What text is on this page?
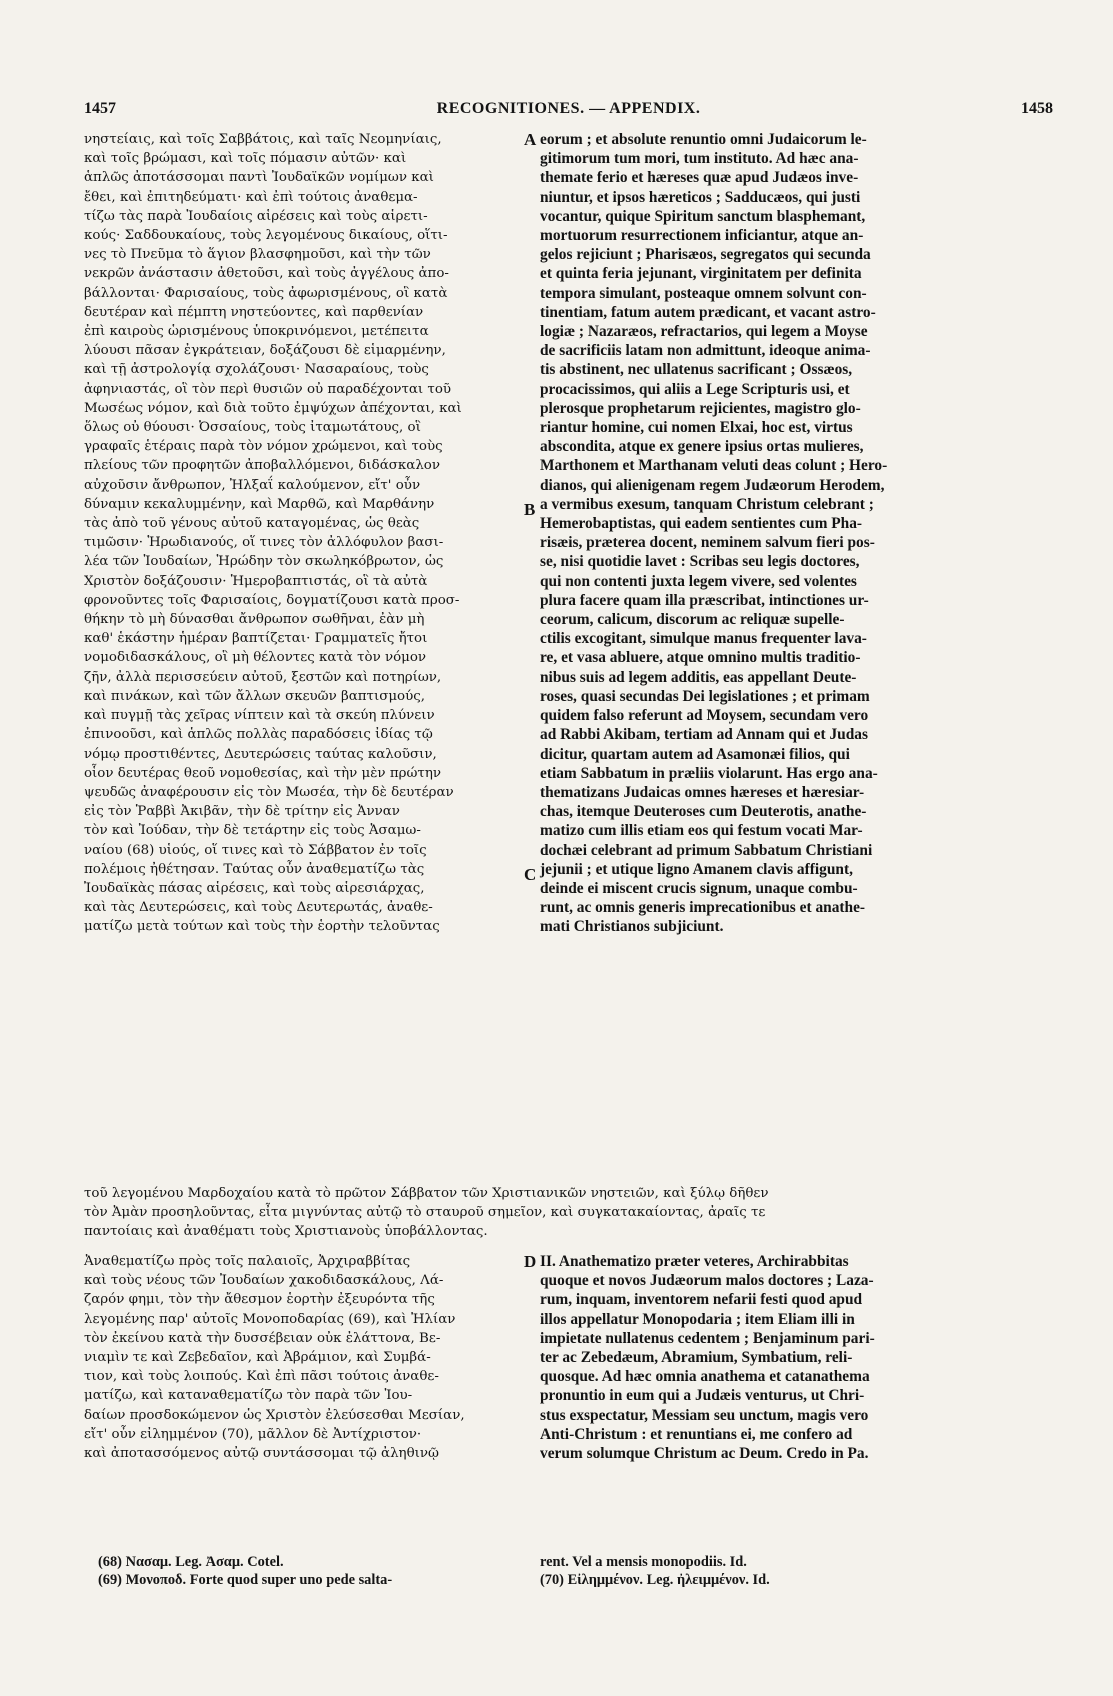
1457	RECOGNITIONES. — APPENDIX.	1458
A
B
C
D
νηστείαις, καὶ τοῖς Σαββάτοις, καὶ ταῖς Νεομηνίαις,
καὶ τοῖς βρώμασι, καὶ τοῖς πόμασιν αὐτῶν· καὶ
ἁπλῶς ἀποτάσσομαι παντὶ Ἰουδαϊκῶν νομίμων καὶ
ἔθει, καὶ ἐπιτηδεύματι· καὶ ἐπὶ τούτοις ἀναθεμα-
τίζω τὰς παρὰ Ἰουδαίοις αἱρέσεις καὶ τοὺς αἱρετι-
κούς· Σαδδουκαίους, τοὺς λεγομένους δικαίους, οἵτι-
νες τὸ Πνεῦμα τὸ ἅγιον βλασφημοῦσι, καὶ τὴν τῶν
νεκρῶν ἀνάστασιν ἀθετοῦσι, καὶ τοὺς ἀγγέλους ἀπο-
βάλλονται· Φαρισαίους, τοὺς ἀφωρισμένους, οἳ κατὰ
δευτέραν καὶ πέμπτη νηστεύοντες, καὶ παρθενίαν
ἐπὶ καιροὺς ὡρισμένους ὑποκρινόμενοι, μετέπειτα
λύουσι πᾶσαν ἐγκράτειαν, δοξάζουσι δὲ εἱμαρμένην,
καὶ τῇ ἀστρολογίᾳ σχολάζουσι· Νασαραίους, τοὺς
ἀφηνιαστάς, οἳ τὸν περὶ θυσιῶν οὐ παραδέχονται τοῦ
Μωσέως νόμον, καὶ διὰ τοῦτο ἐμψύχων ἀπέχονται, καὶ
ὅλως οὐ θύουσι· Ὀσσαίους, τοὺς ἰταμωτάτους, οἳ
γραφαῖς ἑτέραις παρὰ τὸν νόμον χρώμενοι, καὶ τοὺς
πλείους τῶν προφητῶν ἀποβαλλόμενοι, διδάσκαλον
αὐχοῦσιν ἄνθρωπον, Ἠλξαΐ καλούμενον, εἴτ' οὖν
δύναμιν κεκαλυμμένην, καὶ Μαρθῶ, καὶ Μαρθάνην
τὰς ἀπὸ τοῦ γένους αὐτοῦ καταγομένας, ὡς θεὰς
τιμῶσιν· Ἡρωδιανούς, οἵ τινες τὸν ἀλλόφυλον βασι-
λέα τῶν Ἰουδαίων, Ἡρώδην τὸν σκωληκόβρωτον, ὡς
Χριστὸν δοξάζουσιν· Ἡμεροβαπτιστάς, οἳ τὰ αὐτὰ
φρονοῦντες τοῖς Φαρισαίοις, δογματίζουσι κατὰ προσ-
θήκην τὸ μὴ δύνασθαι ἄνθρωπον σωθῆναι, ἐὰν μὴ
καθ' ἑκάστην ἡμέραν βαπτίζεται· Γραμματεῖς ἤτοι
νομοδιδασκάλους, οἳ μὴ θέλοντες κατὰ τὸν νόμον
ζῆν, ἀλλὰ περισσεύειν αὐτοῦ, ξεστῶν καὶ ποτηρίων,
καὶ πινάκων, καὶ τῶν ἄλλων σκευῶν βαπτισμούς,
καὶ πυγμῇ τὰς χεῖρας νίπτειν καὶ τὰ σκεύη πλύνειν
ἐπινοοῦσι, καὶ ἁπλῶς πολλὰς παραδόσεις ἰδίας τῷ
νόμῳ προστιθέντες, Δευτερώσεις ταύτας καλοῦσιν,
οἷον δευτέρας θεοῦ νομοθεσίας, καὶ τὴν μὲν πρώτην
ψευδῶς ἀναφέρουσιν εἰς τὸν Μωσέα, τὴν δὲ δευτέραν
εἰς τὸν Ῥαββὶ Ἀκιβᾶν, τὴν δὲ τρίτην εἰς Ἀνναν
τὸν καὶ Ἰούδαν, τὴν δὲ τετάρτην εἰς τοὺς Ἀσαμω-
ναίου (68) υἱούς, οἵ τινες καὶ τὸ Σάββατον ἐν τοῖς
πολέμοις ἠθέτησαν. Ταύτας οὖν ἀναθεματίζω τὰς
Ἰουδαϊκὰς πάσας αἱρέσεις, καὶ τοὺς αἱρεσιάρχας,
καὶ τὰς Δευτερώσεις, καὶ τοὺς Δευτερωτάς, ἀναθε-
ματίζω μετὰ τούτων καὶ τοὺς τὴν ἑορτὴν τελοῦντας
eorum ; et absolute renuntio omni Judaicorum le-
gitimorum tum mori, tum instituto. Ad hæc ana-
themate ferio et hæreses quæ apud Judæos inve-
niuntur, et ipsos hæreticos ; Sadducæos, qui justi
vocantur, quique Spiritum sanctum blasphemant,
mortuorum resurrectionem inficiantur, atque an-
gelos rejiciunt ; Pharisæos, segregatos qui secunda
et quinta feria jejunant, virginitatem per definita
tempora simulant, posteaque omnem solvunt con-
tinentiam, fatum autem prædicant, et vacant astro-
logiæ ; Nazaræos, refractarios, qui legem a Moyse
de sacrificiis latam non admittunt, ideoque anima-
tis abstinent, nec ullatenus sacrificant ; Ossæos,
procacissimos, qui aliis a Lege Scripturis usi, et
plerosque prophetarum rejicientes, magistro glo-
riantur homine, cui nomen Elxai, hoc est, virtus
abscondita, atque ex genere ipsius ortas mulieres,
Marthonem et Marthanam veluti deas colunt ; Hero-
dianos, qui alienigenam regem Judæorum Herodem,
a vermibus exesum, tanquam Christum celebrant ;
Hemerobaptistas, qui eadem sentientes cum Pha-
risæis, præterea docent, neminem salvum fieri pos-
se, nisi quotidie lavet : Scribas seu legis doctores,
qui non contenti juxta legem vivere, sed volentes
plura facere quam illa præscribat, intinctiones ur-
ceorum, calicum, discorum ac reliquæ supelle-
ctilis excogitant, simulque manus frequenter lava-
re, et vasa abluere, atque omnino multis traditio-
nibus suis ad legem additis, eas appellant Deute-
roses, quasi secundas Dei legislationes ; et primam
quidem falso referunt ad Moysem, secundam vero
ad Rabbi Akibam, tertiam ad Annam qui et Judas
dicitur, quartam autem ad Asamonæi filios, qui
etiam Sabbatum in præliis violarunt. Has ergo ana-
thematizans Judaicas omnes hæreses et hæresiar-
chas, itemque Deuteroses cum Deuterotis, anathe-
matizo cum illis etiam eos qui festum vocati Mar-
dochæi celebrant ad primum Sabbatum Christiani
jejunii ; et utique ligno Amanem clavis affigunt,
deinde ei miscent crucis signum, unaque combu-
runt, ac omnis generis imprecationibus et anathe-
mati Christianos subjiciunt.
τοῦ λεγομένου Μαρδοχαίου κατὰ τὸ πρῶτον Σάββατον τῶν Χριστιανικῶν νηστειῶν, καὶ ξύλῳ δῆθεν
τὸν Ἀμὰν προσηλοῦντας, εἶτα μιγνύντας αὐτῷ τὸ σταυροῦ σημεῖον, καὶ συγκατακαίοντας, ἀραῖς τε
παντοίαις καὶ ἀναθέματι τοὺς Χριστιανοὺς ὑποβάλλοντας.
Ἀναθεματίζω πρὸς τοῖς παλαιοῖς, Ἀρχιραββίτας
καὶ τοὺς νέους τῶν Ἰουδαίων χακοδιδασκάλους, Λά-
ζαρόν φημι, τὸν τὴν ἄθεσμον ἑορτὴν ἐξευρόντα τῆς
λεγομένης παρ' αὐτοῖς Μονοποδαρίας (69), καὶ Ἠλίαν
τὸν ἐκείνου κατὰ τὴν δυσσέβειαν οὐκ ἐλάττονα, Βε-
νιαμὶν τε καὶ Ζεβεδαῖον, καὶ Ἀβράμιον, καὶ Συμβά-
τιον, καὶ τοὺς λοιπούς. Καὶ ἐπὶ πᾶσι τούτοις ἀναθε-
ματίζω, καὶ καταναθεματίζω τὸν παρὰ τῶν Ἰου-
δαίων προσδοκώμενον ὡς Χριστὸν ἐλεύσεσθαι Μεσίαν,
εἴτ' οὖν εἰλημμένον (70), μᾶλλον δὲ Ἀντίχριστον·
καὶ ἀποτασσόμενος αὐτῷ συντάσσομαι τῷ ἀληθινῷ
II. Anathematizo præter veteres, Archirabbitas
quoque et novos Judæorum malos doctores ; Laza-
rum, inquam, inventorem nefarii festi quod apud
illos appellatur Monopodaria ; item Eliam illi in
impietate nullatenus cedentem ; Benjaminum pari-
ter ac Zebedæum, Abramium, Symbatium, reli-
quosque. Ad hæc omnia anathema et catanathema
pronuntio in eum qui a Judæis venturus, ut Chri-
stus exspectatur, Messiam seu unctum, magis vero
Anti-Christum : et renuntians ei, me confero ad
verum solumque Christum ac Deum. Credo in Pa.
(68) Νασαμ. Leg. Ἀσαμ. Cotel.
(69) Μονοποδ. Forte quod super uno pede salta-
rent. Vel a mensis monopodiis. Id.
(70) Εἰλημμένον. Leg. ἠλειμμένον. Id.
